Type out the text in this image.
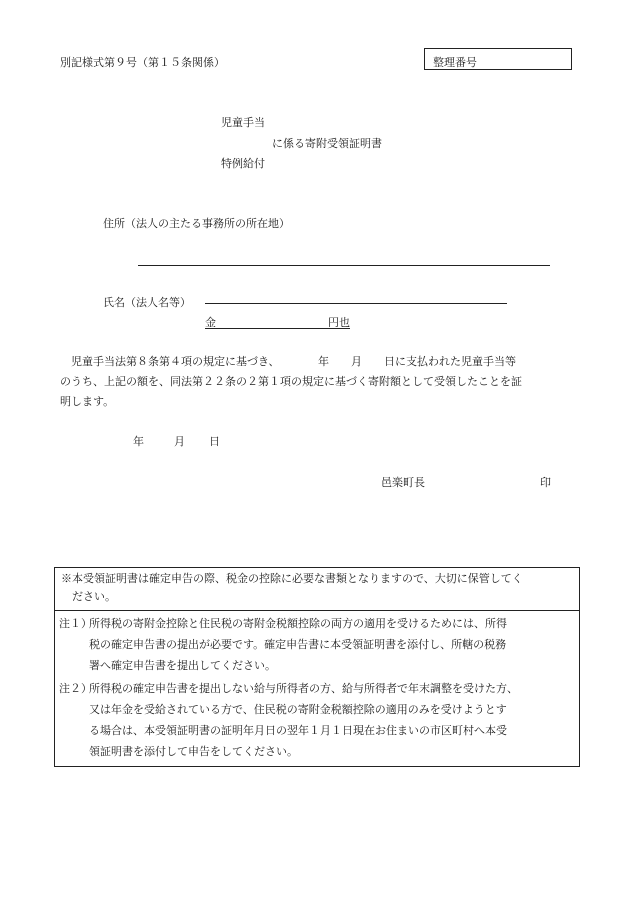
別記様式第９号（第１５条関係）	整理番号
児童手当
に係る寄附受領証明書
特例給付
住所（法人の主たる事務所の所在地）
氏名（法人名等）
金	円也

　児童手当法第８条第４項の規定に基づき、　　　　年　　月　　日に支払われた児童手当等

のうち、上記の額を、同法第２２条の２第１項の規定に基づく寄附額として受領したことを証

明します。

年	月 日
邑楽町長	印
※本受領証明書は確定申告の際、税金の控除に必要な書類となりますので、大切に保管してく
　ださい。
注１）
所得税の寄附金控除と住民税の寄附金税額控除の両方の適用を受けるためには、所得
税の確定申告書の提出が必要です。確定申告書に本受領証明書を添付し、所轄の税務
署へ確定申告書を提出してください。
注２）
所得税の確定申告書を提出しない給与所得者の方、給与所得者で年末調整を受けた方、
又は年金を受給されている方で、住民税の寄附金税額控除の適用のみを受けようとす
る場合は、本受領証明書の証明年月日の翌年１月１日現在お住まいの市区町村へ本受
領証明書を添付して申告をしてください。
